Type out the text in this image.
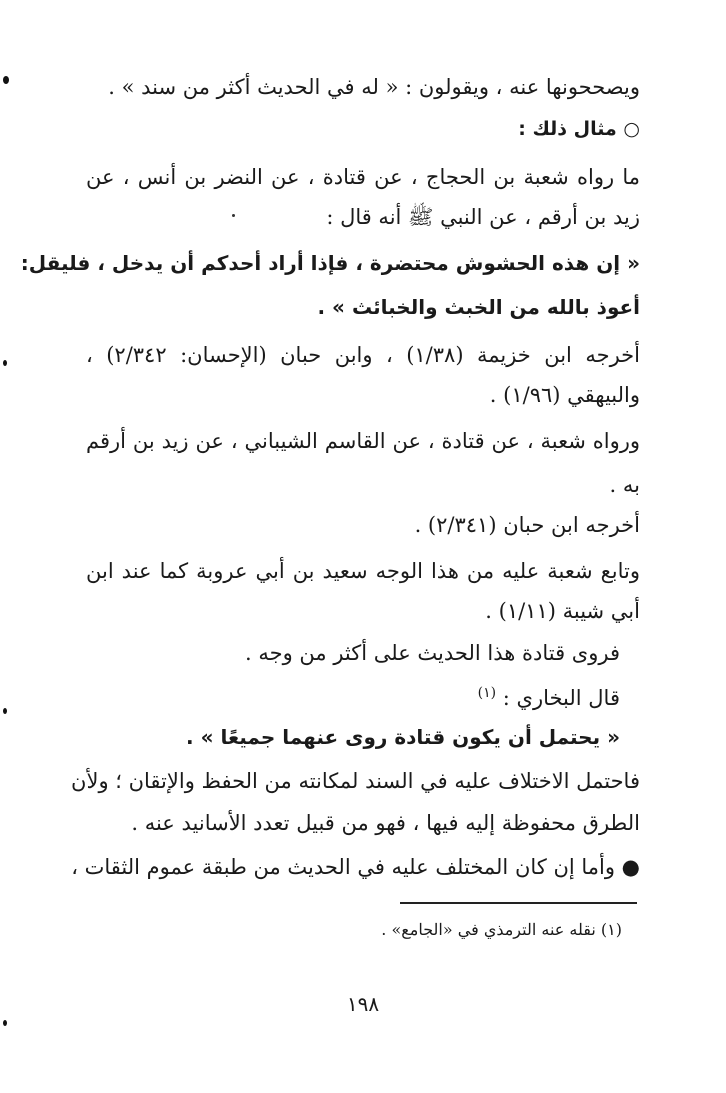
ويصححونها عنه ، ويقولون : « له في الحديث أكثر من سند » .
○ مثال ذلك :
ما رواه شعبة بن الحجاج ، عن قتادة ، عن النضر بن أنس ، عن
زيد بن أرقم ، عن النبي ﷺ أنه قال :
« إن هذه الحشوش محتضرة ، فإذا أراد أحدكم أن يدخل ، فليقل:
أعوذ بالله من الخبث والخبائث » .
أخرجه ابن خزيمة (١/٣٨) ، وابن حبان (الإحسان: ٢/٣٤٢) ،
والبيهقي (١/٩٦) .
ورواه شعبة ، عن قتادة ، عن القاسم الشيباني ، عن زيد بن أرقم
به .
أخرجه ابن حبان (٢/٣٤١) .
وتابع شعبة عليه من هذا الوجه سعيد بن أبي عروبة كما عند ابن
أبي شيبة (١/١١) .
فروى قتادة هذا الحديث على أكثر من وجه .
قال البخاري : $^{(١)}$
« يحتمل أن يكون قتادة روى عنهما جميعًا » .
فاحتمل الاختلاف عليه في السند لمكانته من الحفظ والإتقان ؛ ولأن
الطرق محفوظة إليه فيها ، فهو من قبيل تعدد الأسانيد عنه .
● وأما إن كان المختلف عليه في الحديث من طبقة عموم الثقات ،
(١) نقله عنه الترمذي في «الجامع» .
١٩٨
